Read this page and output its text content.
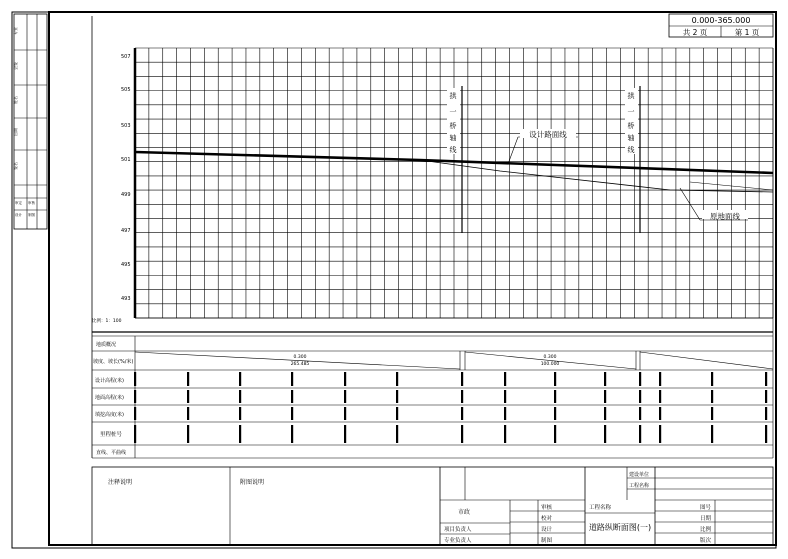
专业
会签
姓名
日期
签名
审定 审核
设计 制图
0.000-365.000
共 2 页	第 1 页
507
505
503
501
499
497
495
493
比例：1：100
拱
一
桥
轴
线
拱
一
桥
轴
线
设计路面线
原地面线
地质概况
坡度、坡长(%/米)
设计高程(米)
地面高程(米)
填挖高度(米)
里程桩号
直线、平曲线
0.300
265.485
0.300
100.000
注释说明	附图说明
市政
项目负责人
专业负责人
审核
校对
设计
制图
工程名称
道路纵断面图(一)
建设单位
工程名称
图号
日期
比例
版次
